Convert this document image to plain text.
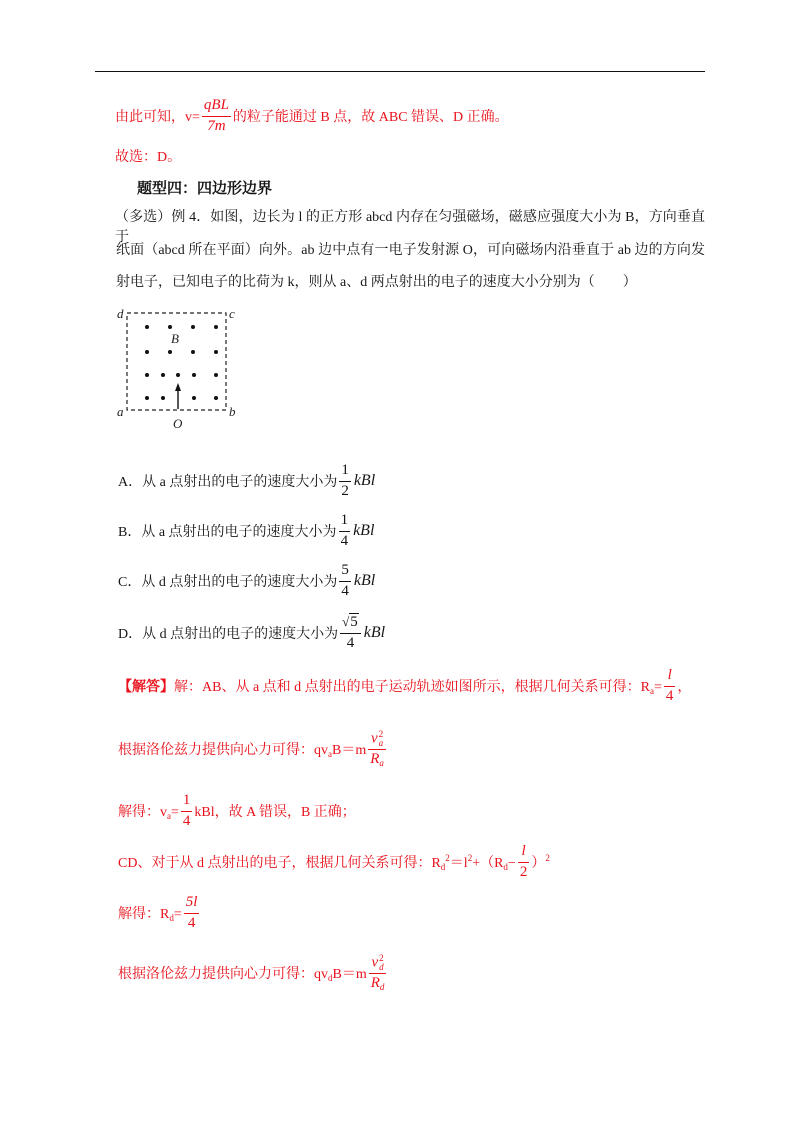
由此可知，$v= \frac{\text{qBL}}{7m}$ 的粒子能通过 B 点，故 ABC 错误、D 正确。
故选：D。
题型四：四边形边界
（多选）例 4．如图，边长为 l 的正方形 abcd 内存在匀强磁场，磁感应强度大小为 B，方向垂直于
纸面（abcd 所在平面）向外。ab 边中点有一电子发射源 O，可向磁场内沿垂直于 ab 边的方向发
射电子，已知电子的比荷为 k，则从 a、d 两点射出的电子的速度大小分别为（　　）
d	c
a	b
B
O
A．从 a 点射出的电子的速度大小为 $\frac{1}{2}$ kBl
B．从 a 点射出的电子的速度大小为 $\frac{1}{4}$ kBl
C．从 d 点射出的电子的速度大小为 $\frac{5}{4}$ kBl
D．从 d 点射出的电子的速度大小为 $\frac{√5}{4}$ kBl
【解答】解：AB、从 a 点和 d 点射出的电子运动轨迹如图所示，根据几何关系可得：$R_a= \frac{l}{4}$ ，
根据洛伦兹力提供向心力可得：$qv_aB=m$ v 2
a
$R_a$
解得：$v_a= \frac{1}{4}$ kBl，故 A 错误，B 正确；
CD、对于从 d 点射出的电子，根据几何关系可得：$R_d^2=l^2+(R_d- \frac{l}{2} )^2$
解得：$R_d= \frac{5l}{4}$
根据洛伦兹力提供向心力可得：$qv_dB=m$ v 2
d
$R_d$
